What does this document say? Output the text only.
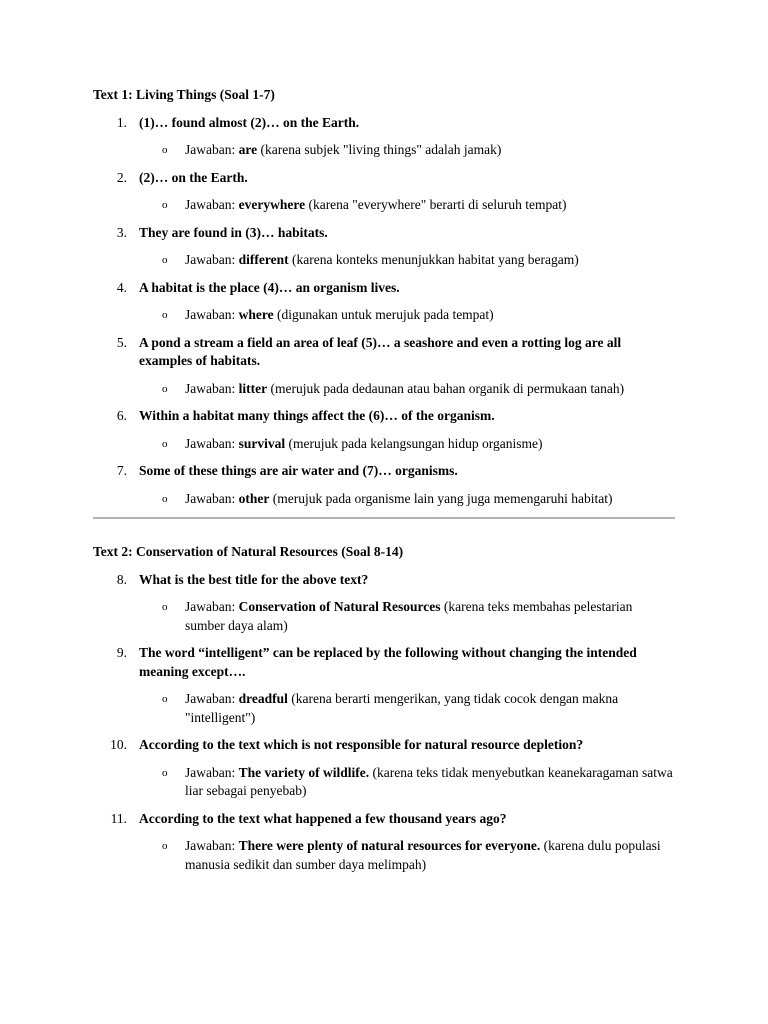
Text 1: Living Things (Soal 1-7)

1. (1)… found almost (2)… on the Earth.
o Jawaban: are (karena subjek "living things" adalah jamak)
2. (2)… on the Earth.
o Jawaban: everywhere (karena "everywhere" berarti di seluruh tempat)
3. They are found in (3)… habitats.
o Jawaban: different (karena konteks menunjukkan habitat yang beragam)
4. A habitat is the place (4)… an organism lives.
o Jawaban: where (digunakan untuk merujuk pada tempat)
5. A pond a stream a field an area of leaf (5)… a seashore and even a rotting log are all examples of habitats.
o Jawaban: litter (merujuk pada dedaunan atau bahan organik di permukaan tanah)
6. Within a habitat many things affect the (6)… of the organism.
o Jawaban: survival (merujuk pada kelangsungan hidup organisme)
7. Some of these things are air water and (7)… organisms.
o Jawaban: other (merujuk pada organisme lain yang juga memengaruhi habitat)

Text 2: Conservation of Natural Resources (Soal 8-14)

8. What is the best title for the above text?
o Jawaban: Conservation of Natural Resources (karena teks membahas pelestarian sumber daya alam)
9. The word “intelligent” can be replaced by the following without changing the intended meaning except….
o Jawaban: dreadful (karena berarti mengerikan, yang tidak cocok dengan makna "intelligent")
10. According to the text which is not responsible for natural resource depletion?
o Jawaban: The variety of wildlife. (karena teks tidak menyebutkan keanekaragaman satwa liar sebagai penyebab)
11. According to the text what happened a few thousand years ago?
o Jawaban: There were plenty of natural resources for everyone. (karena dulu populasi manusia sedikit dan sumber daya melimpah)
